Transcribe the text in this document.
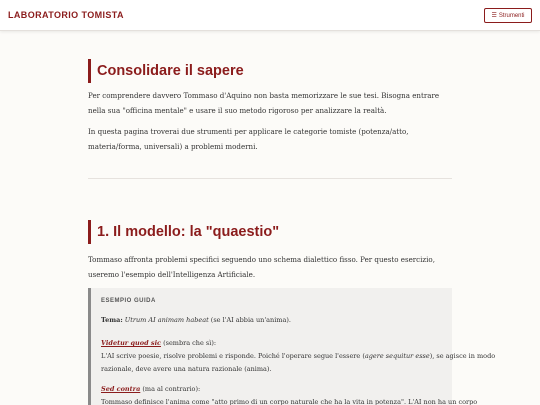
LABORATORIO TOMISTA	☰ Strumenti
Consolidare il sapere

Per comprendere davvero Tommaso d'Aquino non basta memorizzare le sue tesi. Bisogna entrare nella sua "officina mentale" e usare il suo metodo rigoroso per analizzare la realtà.

In questa pagina troverai due strumenti per applicare le categorie tomiste (potenza/atto, materia/forma, universali) a problemi moderni.

1. Il modello: la "quaestio"

Tommaso affronta problemi specifici seguendo uno schema dialettico fisso. Per questo esercizio, useremo l'esempio dell'Intelligenza Artificiale.

ESEMPIO GUIDA
Tema: Utrum AI animam habeat (se l'AI abbia un'anima).
Videtur quod sic (sembra che sì):
L'AI scrive poesie, risolve problemi e risponde. Poiché l'operare segue l'essere (agere sequitur esse), se agisce in modo
razionale, deve avere una natura razionale (anima).
Sed contra (ma al contrario):
Tommaso definisce l'anima come "atto primo di un corpo naturale che ha la vita in potenza". L'AI non ha un corpo
